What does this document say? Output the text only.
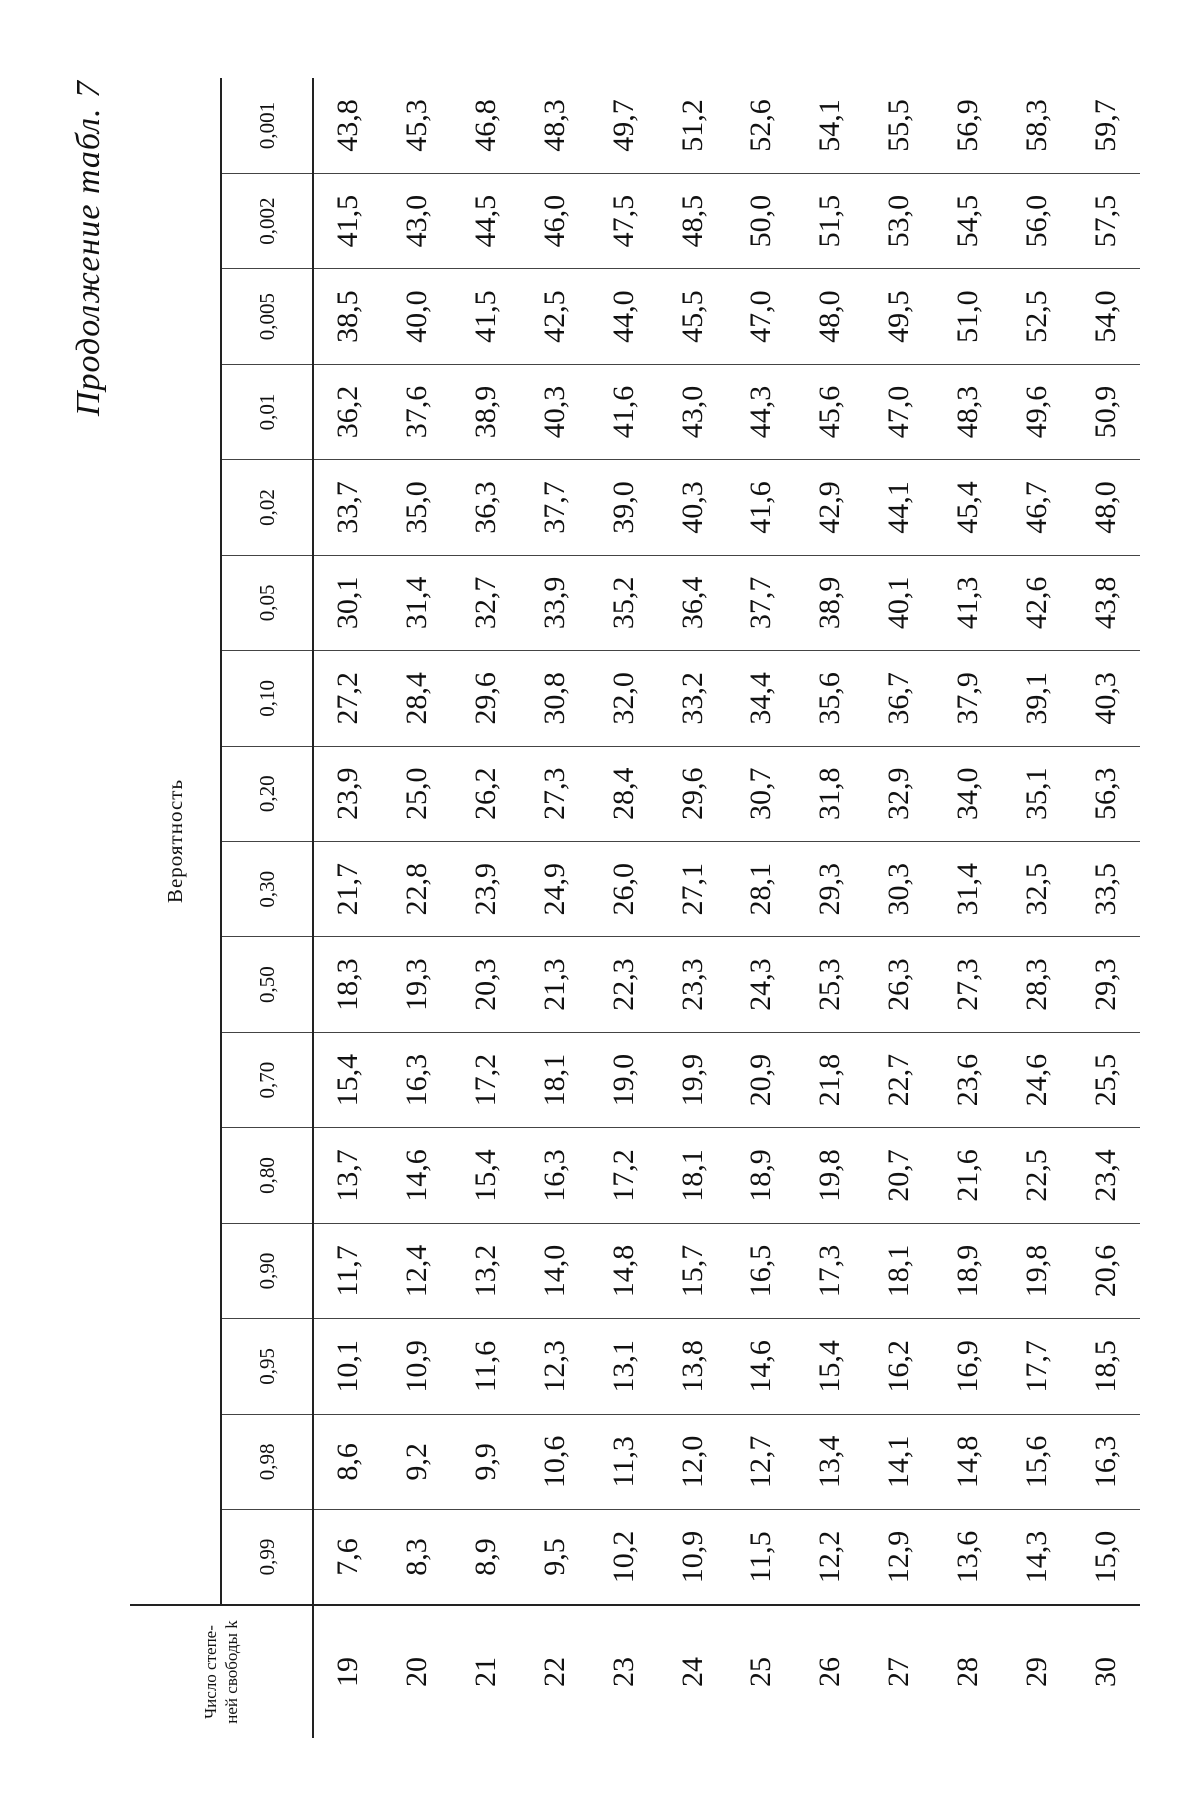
Продолжение табл. 7
Число степе- ней свободы k	Вероятность															
	0,99	0,98	0,95	0,90	0,80	0,70	0,50	0,30	0,20	0,10	0,05	0,02	0,01	0,005	0,002	0,001
19	7,6	8,6	10,1	11,7	13,7	15,4	18,3	21,7	23,9	27,2	30,1	33,7	36,2	38,5	41,5	43,8
20	8,3	9,2	10,9	12,4	14,6	16,3	19,3	22,8	25,0	28,4	31,4	35,0	37,6	40,0	43,0	45,3
21	8,9	9,9	11,6	13,2	15,4	17,2	20,3	23,9	26,2	29,6	32,7	36,3	38,9	41,5	44,5	46,8
22	9,5	10,6	12,3	14,0	16,3	18,1	21,3	24,9	27,3	30,8	33,9	37,7	40,3	42,5	46,0	48,3
23	10,2	11,3	13,1	14,8	17,2	19,0	22,3	26,0	28,4	32,0	35,2	39,0	41,6	44,0	47,5	49,7
24	10,9	12,0	13,8	15,7	18,1	19,9	23,3	27,1	29,6	33,2	36,4	40,3	43,0	45,5	48,5	51,2
25	11,5	12,7	14,6	16,5	18,9	20,9	24,3	28,1	30,7	34,4	37,7	41,6	44,3	47,0	50,0	52,6
26	12,2	13,4	15,4	17,3	19,8	21,8	25,3	29,3	31,8	35,6	38,9	42,9	45,6	48,0	51,5	54,1
27	12,9	14,1	16,2	18,1	20,7	22,7	26,3	30,3	32,9	36,7	40,1	44,1	47,0	49,5	53,0	55,5
28	13,6	14,8	16,9	18,9	21,6	23,6	27,3	31,4	34,0	37,9	41,3	45,4	48,3	51,0	54,5	56,9
29	14,3	15,6	17,7	19,8	22,5	24,6	28,3	32,5	35,1	39,1	42,6	46,7	49,6	52,5	56,0	58,3
30	15,0	16,3	18,5	20,6	23,4	25,5	29,3	33,5	56,3	40,3	43,8	48,0	50,9	54,0	57,5	59,7
